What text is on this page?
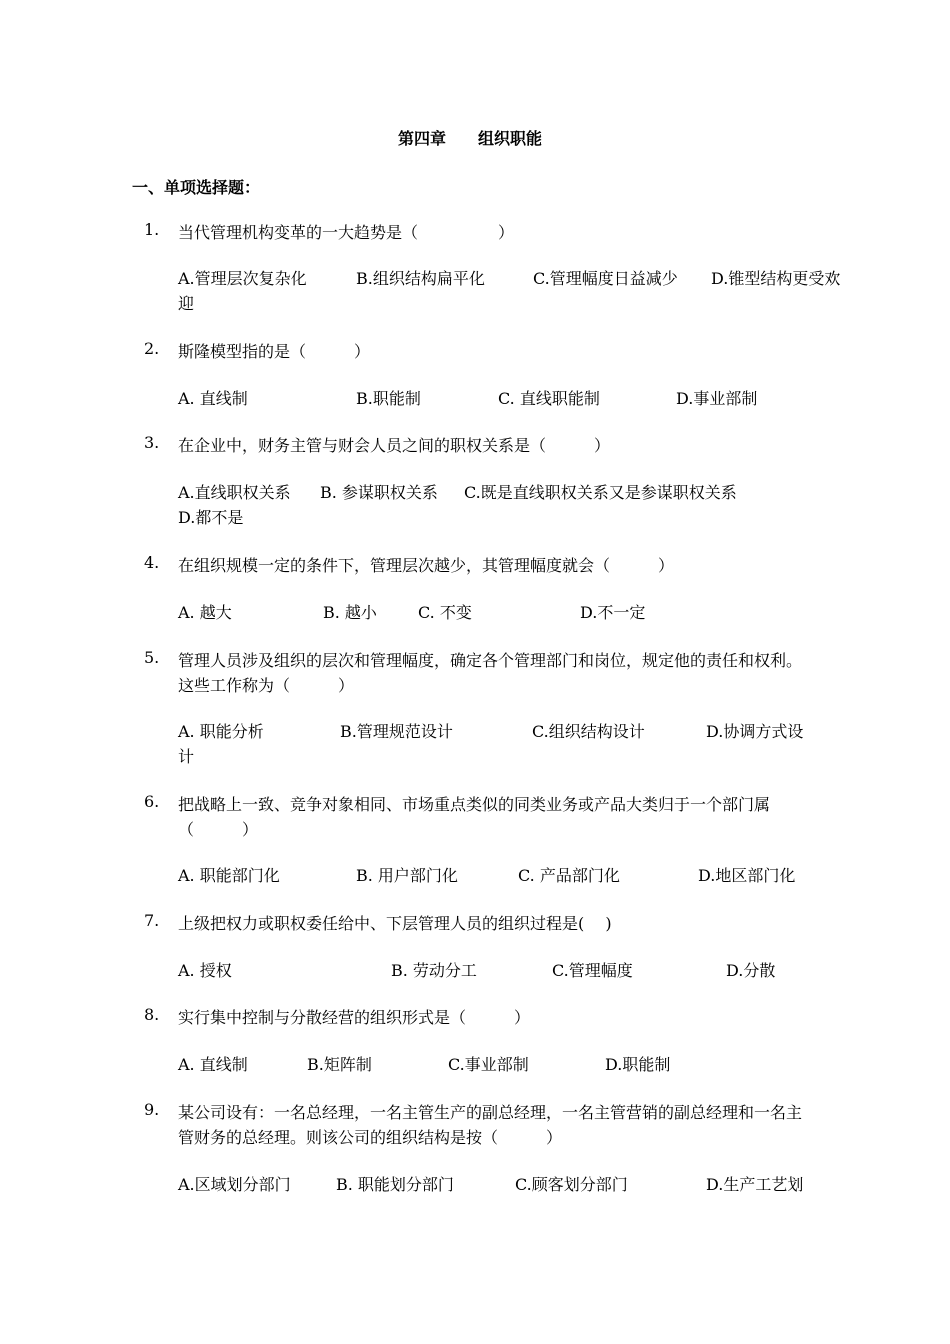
第四章　　组织职能
一、单项选择题：
1. 当代管理机构变革的一大趋势是（　　　　　）
A.管理层次复杂化	B.组织结构扁平化	C.管理幅度日益减少 D.锥型结构更受欢
迎
2. 斯隆模型指的是（　　　）
A. 直线制	B.职能制	C. 直线职能制	D.事业部制
3. 在企业中，财务主管与财会人员之间的职权关系是（　　　）
A.直线职权关系 B. 参谋职权关系 C.既是直线职权关系又是参谋职权关系
D.都不是
4. 在组织规模一定的条件下，管理层次越少，其管理幅度就会（　　　）
A. 越大	B. 越小	C. 不变	D.不一定
5. 管理人员涉及组织的层次和管理幅度，确定各个管理部门和岗位，规定他的责任和权利。这些工作称为（　　　）
A. 职能分析	B.管理规范设计	C.组织结构设计	D.协调方式设
计
6. 把战略上一致、竞争对象相同、市场重点类似的同类业务或产品大类归于一个部门属（　　　）
A. 职能部门化	B. 用户部门化	C. 产品部门化	D.地区部门化
7. 上级把权力或职权委任给中、下层管理人员的组织过程是(　 )
A. 授权	B. 劳动分工	C.管理幅度	D.分散
8. 实行集中控制与分散经营的组织形式是（　　　）
A. 直线制	B.矩阵制	C.事业部制	D.职能制
9. 某公司设有：一名总经理，一名主管生产的副总经理，一名主管营销的副总经理和一名主管财务的总经理。则该公司的组织结构是按（　　　）
A.区域划分部门	B. 职能划分部门	C.顾客划分部门	D.生产工艺划
